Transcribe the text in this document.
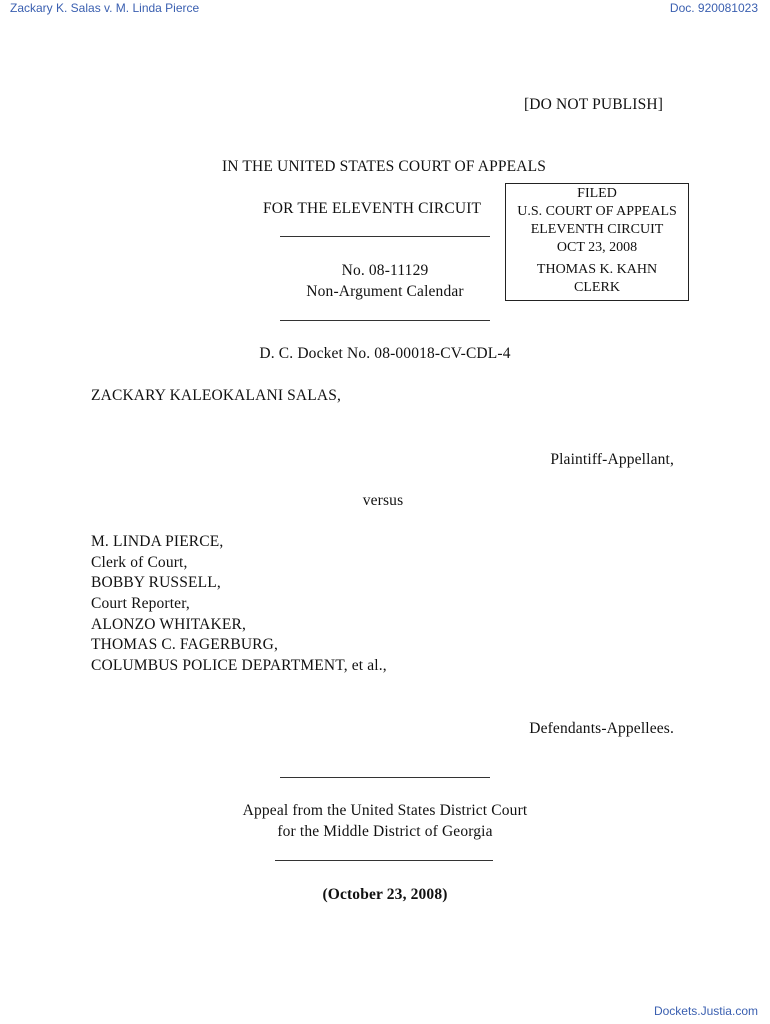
Zackary K. Salas v. M. Linda Pierce	Doc. 920081023
[DO NOT PUBLISH]
IN THE UNITED STATES COURT OF APPEALS
FOR THE ELEVENTH CIRCUIT
No. 08-11129
Non-Argument Calendar
D. C. Docket No. 08-00018-CV-CDL-4
ZACKARY KALEOKALANI SALAS,
Plaintiff-Appellant,
versus
M. LINDA PIERCE,
Clerk of Court,
BOBBY RUSSELL,
Court Reporter,
ALONZO WHITAKER,
THOMAS C. FAGERBURG,
COLUMBUS POLICE DEPARTMENT, et al.,
Defendants-Appellees.
Appeal from the United States District Court
for the Middle District of Georgia
(October 23, 2008)
FILED
U.S. COURT OF APPEALS
ELEVENTH CIRCUIT
OCT 23, 2008
THOMAS K. KAHN
CLERK
Dockets.Justia.com
